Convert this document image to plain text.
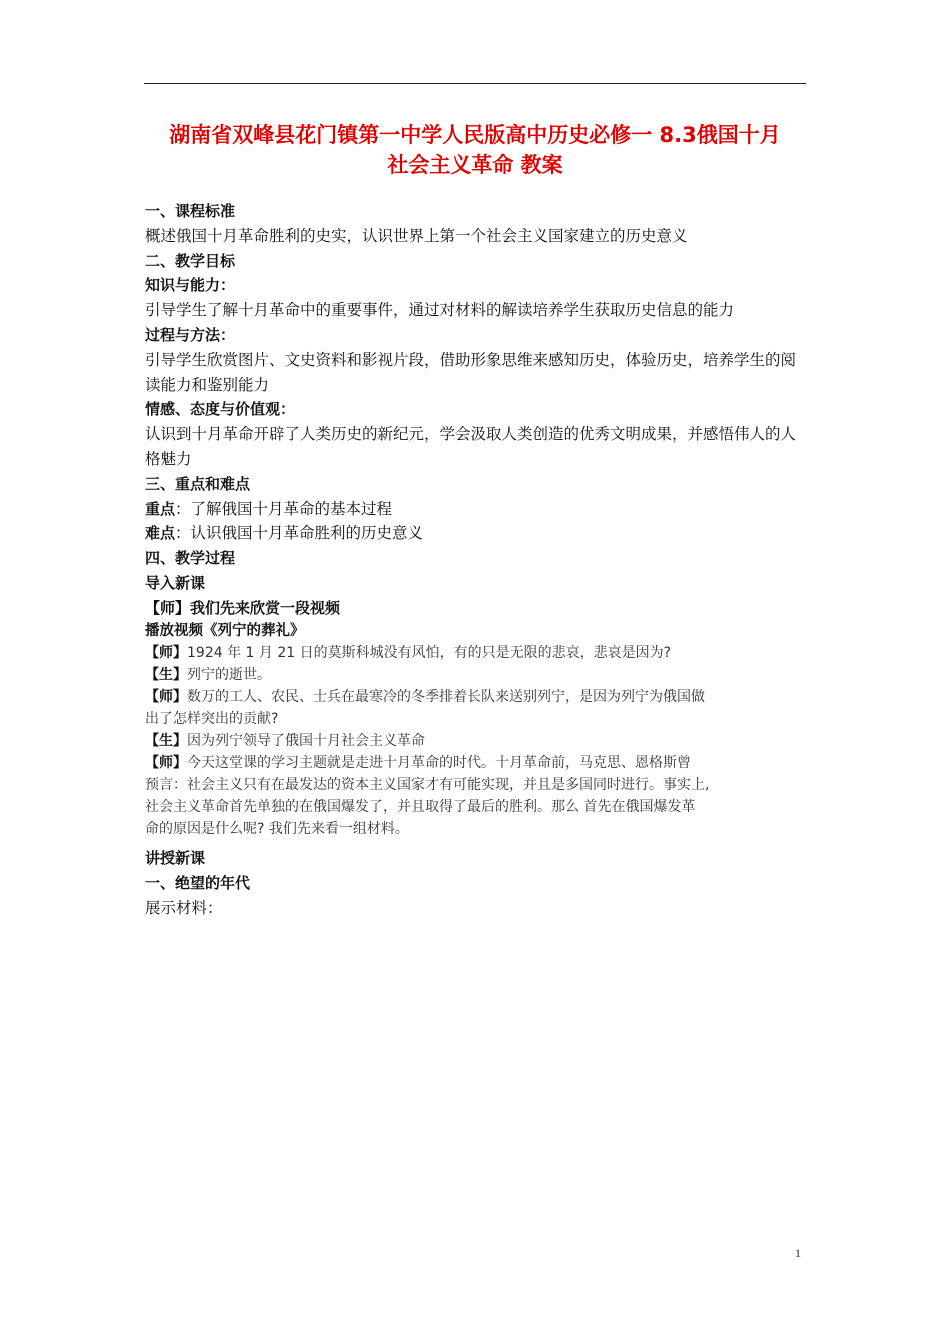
湖南省双峰县花门镇第一中学人民版高中历史必修一 8.3俄国十月
社会主义革命 教案
一、课程标准
概述俄国十月革命胜利的史实，认识世界上第一个社会主义国家建立的历史意义
二、教学目标
知识与能力：
引导学生了解十月革命中的重要事件，通过对材料的解读培养学生获取历史信息的能力
过程与方法：
引导学生欣赏图片、文史资料和影视片段，借助形象思维来感知历史，体验历史，培养学生的阅读能力和鉴别能力
情感、态度与价值观：
认识到十月革命开辟了人类历史的新纪元，学会汲取人类创造的优秀文明成果，并感悟伟人的人格魅力
三、重点和难点
重点：了解俄国十月革命的基本过程
难点：认识俄国十月革命胜利的历史意义
四、教学过程
导入新课
【师】我们先来欣赏一段视频
播放视频《列宁的葬礼》
【师】1924 年 1 月 21 日的莫斯科城没有风怕，有的只是无限的悲哀，悲哀是因为?
【生】列宁的逝世。
【师】数万的工人、农民、士兵在最寒冷的冬季排着长队来送别列宁，是因为列宁为俄国做
出了怎样突出的贡献?
【生】因为列宁领导了俄国十月社会主义革命
【师】今天这堂课的学习主题就是走进十月革命的时代。十月革命前，马克思、恩格斯曾
预言：社会主义只有在最发达的资本主义国家才有可能实现，并且是多国同时进行。事实上,
社会主义革命首先单独的在俄国爆发了，并且取得了最后的胜利。那么 首先在俄国爆发革
命的原因是什么呢? 我们先来看一组材料。
讲授新课
一、绝望的年代
展示材料：
1
